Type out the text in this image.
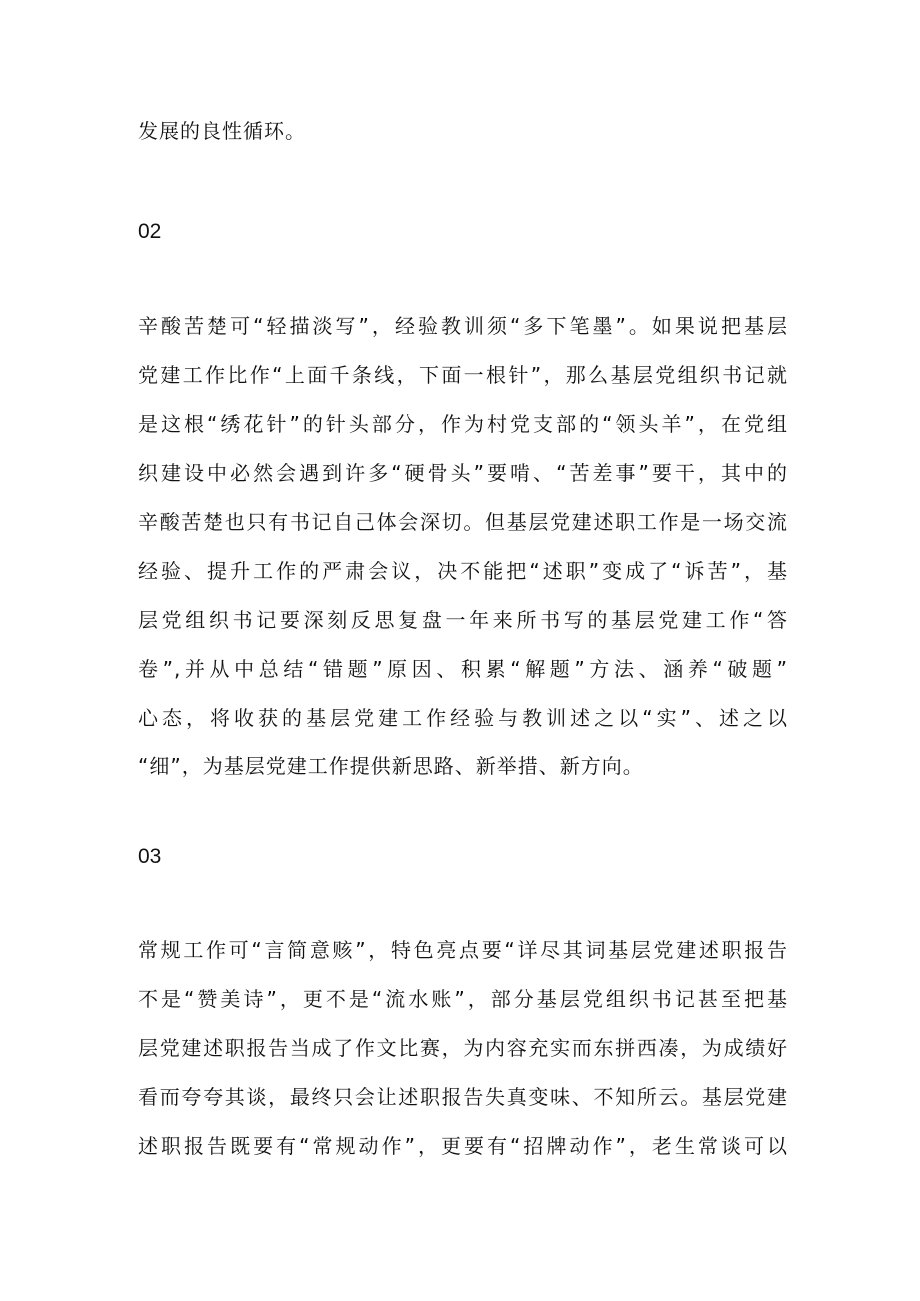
发展的良性循环。
02
辛酸苦楚可“轻描淡写”，经验教训须“多下笔墨”。如果说把基层
党建工作比作“上面千条线，下面一根针”，那么基层党组织书记就
是这根“绣花针”的针头部分，作为村党支部的“领头羊”，在党组
织建设中必然会遇到许多“硬骨头”要啃、“苦差事”要干，其中的
辛酸苦楚也只有书记自己体会深切。但基层党建述职工作是一场交流
经验、提升工作的严肃会议，决不能把“述职”变成了“诉苦”，基
层党组织书记要深刻反思复盘一年来所书写的基层党建工作“答
卷”,并从中总结“错题”原因、积累“解题”方法、涵养“破题”
心态，将收获的基层党建工作经验与教训述之以“实”、述之以
“细”，为基层党建工作提供新思路、新举措、新方向。
03
常规工作可“言简意赅”，特色亮点要“详尽其词基层党建述职报告
不是“赞美诗”，更不是“流水账”，部分基层党组织书记甚至把基
层党建述职报告当成了作文比赛，为内容充实而东拼西凑，为成绩好
看而夸夸其谈，最终只会让述职报告失真变味、不知所云。基层党建
述职报告既要有“常规动作”，更要有“招牌动作”，老生常谈可以
